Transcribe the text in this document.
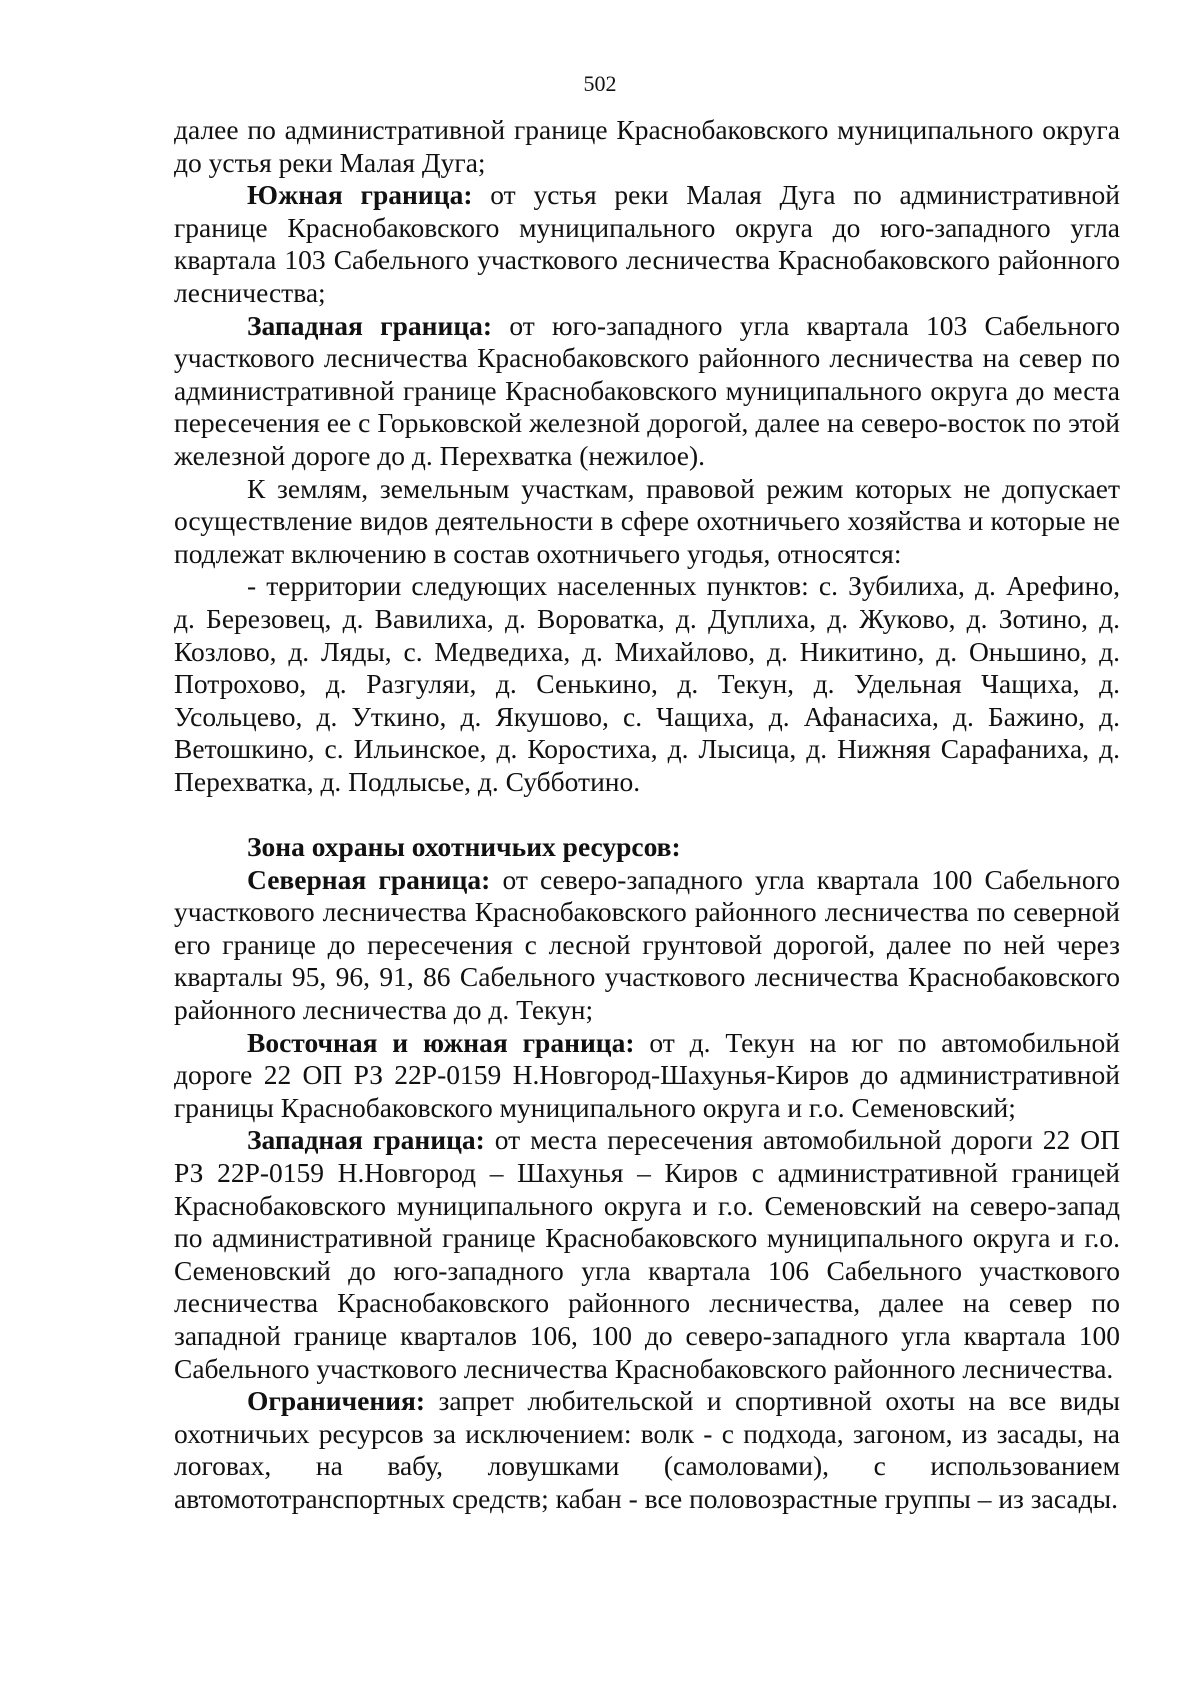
502

далее по административной границе Краснобаковского муниципального округа до устья реки Малая Дуга;

Южная граница: от устья реки Малая Дуга по административной границе Краснобаковского муниципального округа до юго-западного угла квартала 103 Сабельного участкового лесничества Краснобаковского районного лесничества;

Западная граница: от юго-западного угла квартала 103 Сабельного участкового лесничества Краснобаковского районного лесничества на север по административной границе Краснобаковского муниципального округа до места пересечения ее с Горьковской железной дорогой, далее на северо-восток по этой железной дороге до д. Перехватка (нежилое).

К землям, земельным участкам, правовой режим которых не допускает осуществление видов деятельности в сфере охотничьего хозяйства и которые не подлежат включению в состав охотничьего угодья, относятся:

- территории следующих населенных пунктов: с. Зубилиха, д. Арефино, д. Березовец, д. Вавилиха, д. Вороватка, д. Дуплиха, д. Жуково, д. Зотино, д. Козлово, д. Ляды, с. Медведиха, д. Михайлово, д. Никитино, д. Оньшино, д. Потрохово, д. Разгуляи, д. Сенькино, д. Текун, д. Удельная Чащиха, д. Усольцево, д. Уткино, д. Якушово, с. Чащиха, д. Афанасиха, д. Бажино, д. Ветошкино, с. Ильинское, д. Коростиха, д. Лысица, д. Нижняя Сарафаниха, д. Перехватка, д. Подлысье, д. Субботино.

Зона охраны охотничьих ресурсов:

Северная граница: от северо-западного угла квартала 100 Сабельного участкового лесничества Краснобаковского районного лесничества по северной его границе до пересечения с лесной грунтовой дорогой, далее по ней через кварталы 95, 96, 91, 86 Сабельного участкового лесничества Краснобаковского районного лесничества до д. Текун;

Восточная и южная граница: от д. Текун на юг по автомобильной дороге 22 ОП РЗ 22Р-0159 Н.Новгород-Шахунья-Киров до административной границы Краснобаковского муниципального округа и г.о. Семеновский;

Западная граница: от места пересечения автомобильной дороги 22 ОП РЗ 22Р-0159 Н.Новгород – Шахунья – Киров с административной границей Краснобаковского муниципального округа и г.о. Семеновский на северо-запад по административной границе Краснобаковского муниципального округа и г.о. Семеновский до юго-западного угла квартала 106 Сабельного участкового лесничества Краснобаковского районного лесничества, далее на север по западной границе кварталов 106, 100 до северо-западного угла квартала 100 Сабельного участкового лесничества Краснобаковского районного лесничества.

Ограничения: запрет любительской и спортивной охоты на все виды охотничьих ресурсов за исключением: волк - с подхода, загоном, из засады, на логовах, на вабу, ловушками (самоловами), с использованием автомототранспортных средств; кабан - все половозрастные группы – из засады.
